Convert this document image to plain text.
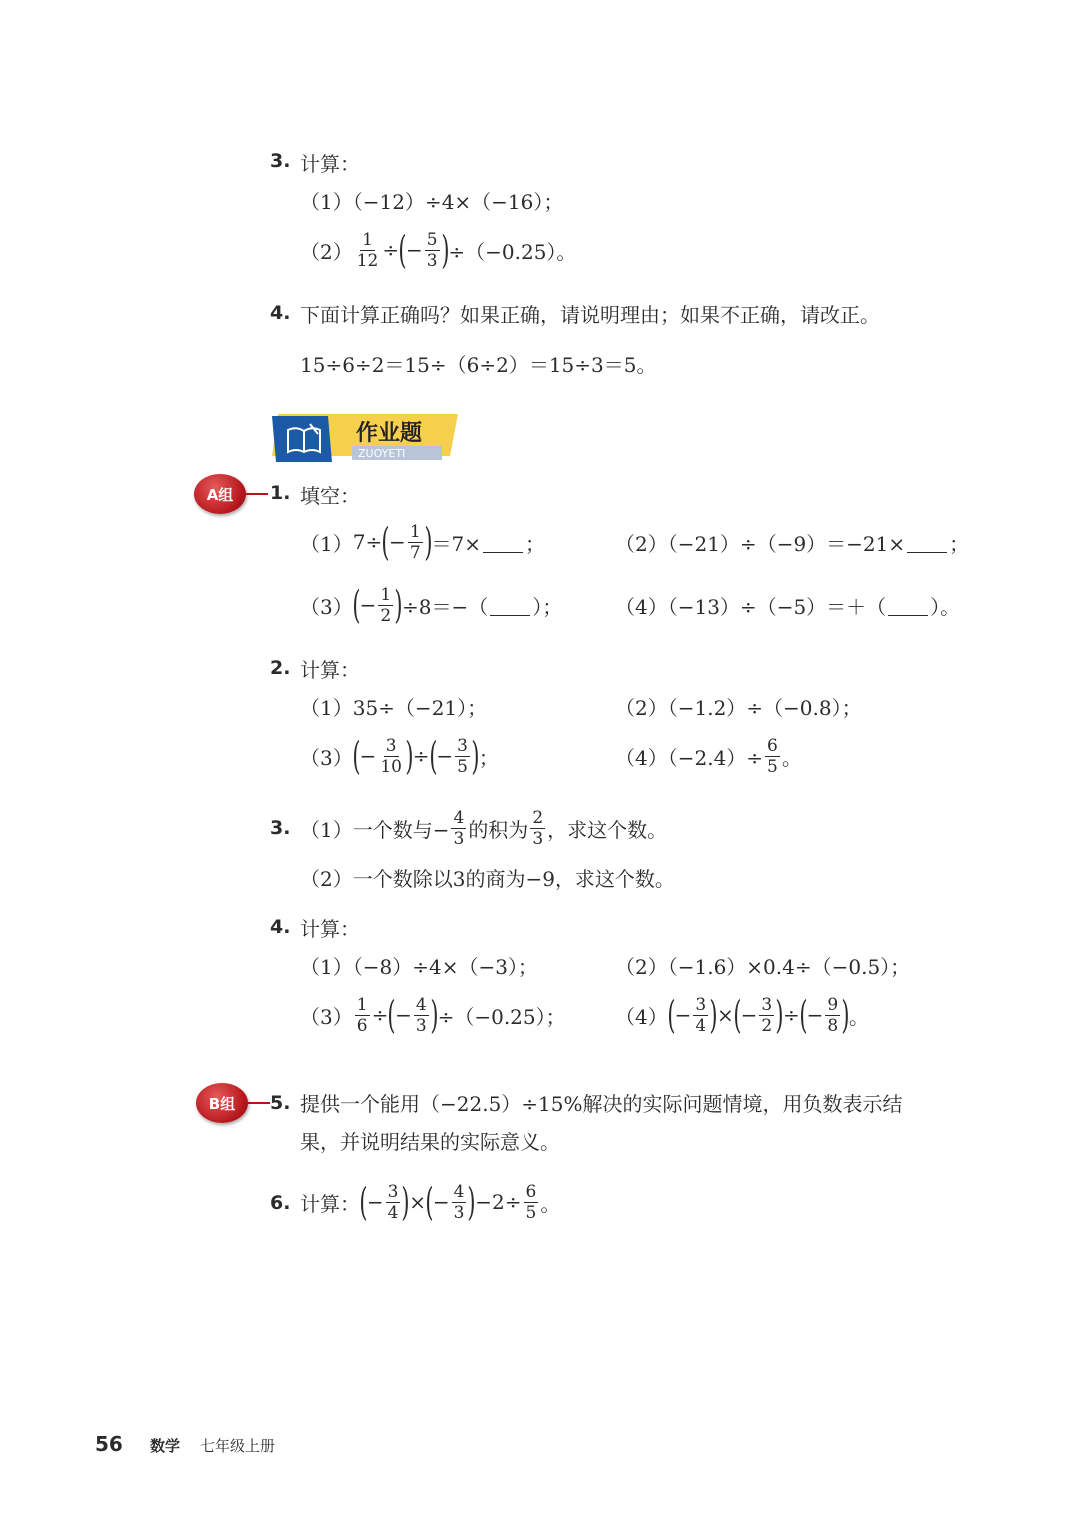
3. 计算：
（1）（−12）÷4×（−16）；
$(2) \frac{1}{12}$ ÷ ( − $\frac{5}{3}$ ) ÷（−0.25）。
4. 下面计算正确吗？如果正确，请说明理由；如果不正确，请改正。
15÷6÷2＝15÷（6÷2）＝15÷3＝5。
作业题
ZUOYETI
A组	1. 填空：
（1） 7÷ ( − $\frac{1}{7}$ ) ＝7× ；	（2）（−21）÷（−9）＝−21× ；
（3） ( − $\frac{1}{2}$ ) ÷8＝−（ ）；	（4）（−13）÷（−5）＝＋（ ）。
2. 计算：
（1）35÷（−21）；	（2）（−1.2）÷（−0.8）；
（3） ( − $\frac{3}{10}$ ) ÷ ( − $\frac{3}{5}$ ) ；	$(4)(-2.4)\div \frac{6}{5}$ 。
3. （1）一个数与− $\frac{4}{3}$ 的积为 $\frac{2}{3}$ ，求这个数。
（2）一个数除以3的商为−9，求这个数。
4. 计算：
（1）（−8）÷4×（−3）；	（2）（−1.6）×0.4÷（−0.5）；
$(3) \frac{1}{6}$ ÷ ( − $\frac{4}{3}$ ) ÷（−0.25）； （4） ( − $\frac{3}{4}$ ) × ( − $\frac{3}{2}$ ) ÷ ( − $\frac{9}{8}$ ) 。
B组	5. 提供一个能用（−22.5）÷15%解决的实际问题情境，用负数表示结
果，并说明结果的实际意义。
6. 计算： ( − $\frac{3}{4}$ ) × ( − $\frac{4}{3}$ ) $-2\div \frac{6}{5}$ 。
56 数学 七年级上册
